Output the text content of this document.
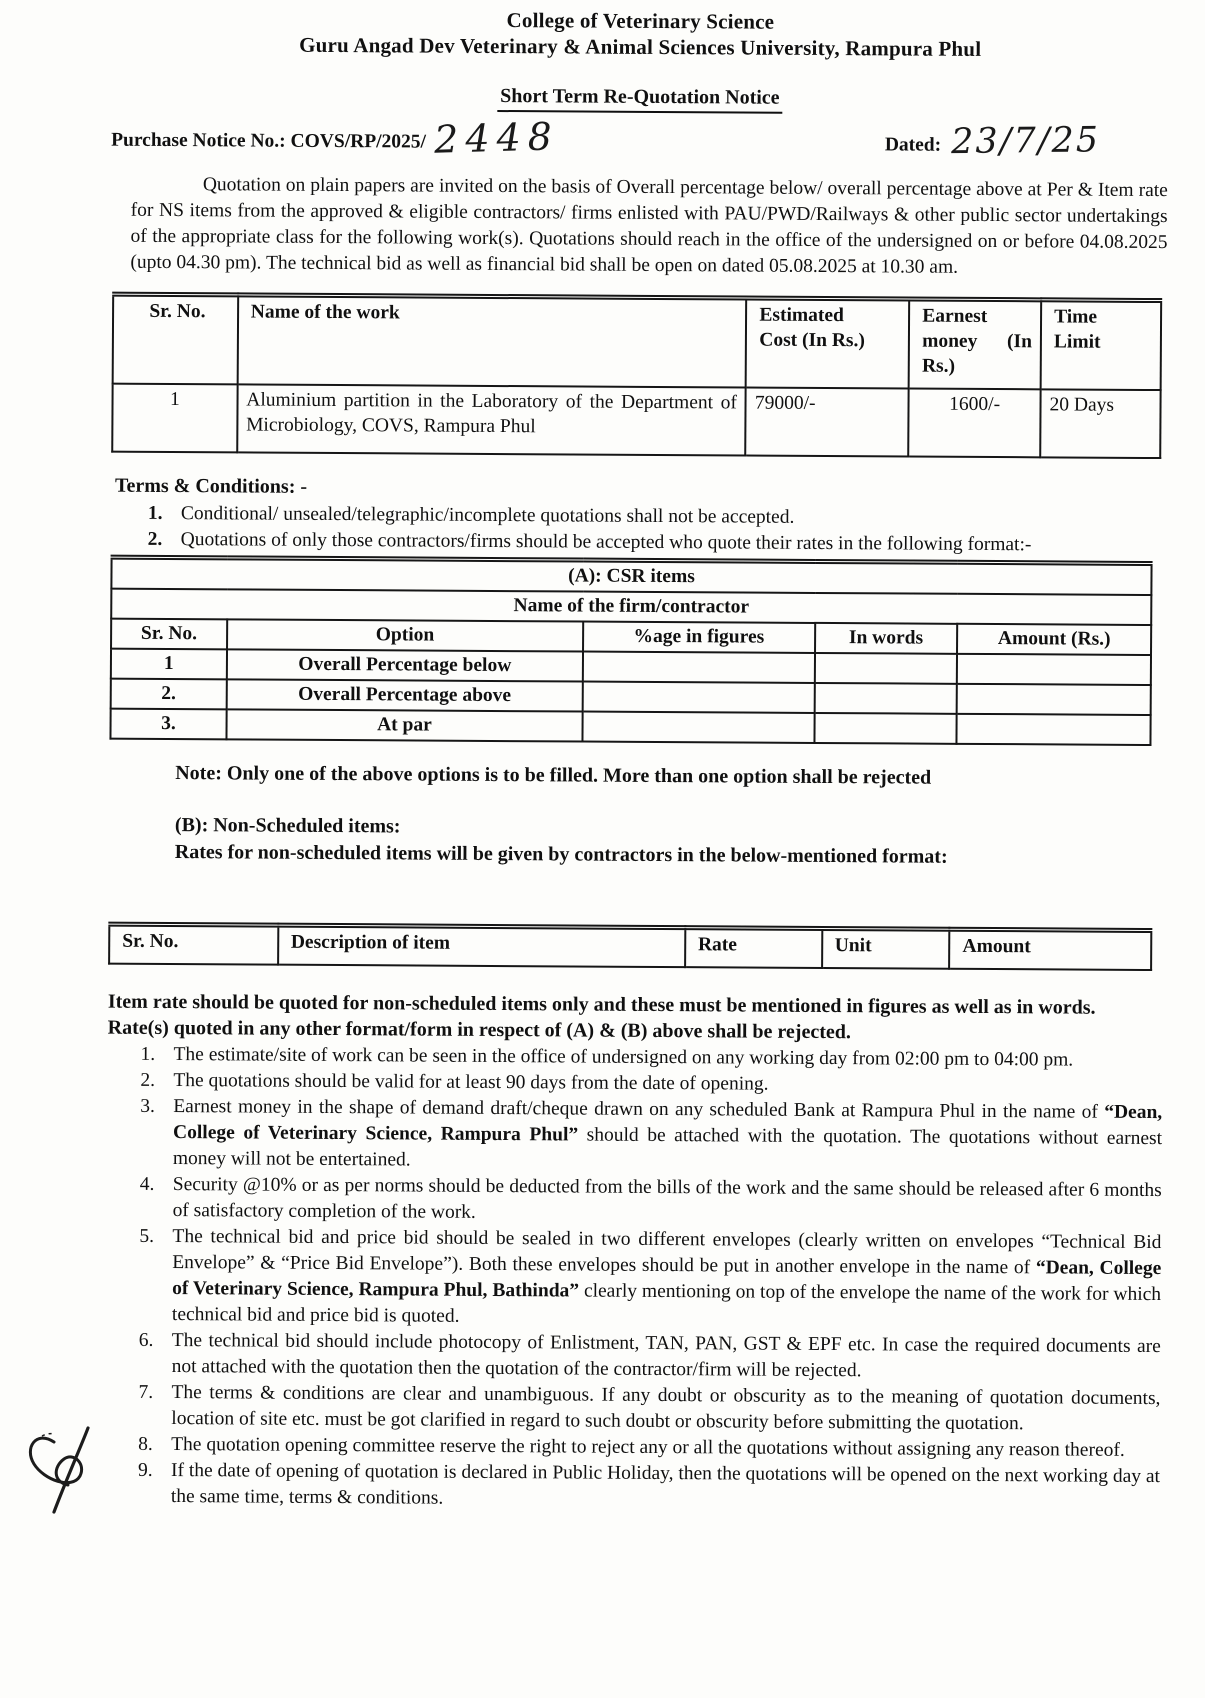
College of Veterinary Science
Guru Angad Dev Veterinary & Animal Sciences University, Rampura Phul
Short Term Re-Quotation Notice
Purchase Notice No.: COVS/RP/2025/ 2448	Dated: 23/7/25

Quotation on plain papers are invited on the basis of Overall percentage below/ overall percentage above at Per & Item rate for NS items from the approved & eligible contractors/ firms enlisted with PAU/PWD/Railways & other public sector undertakings of the appropriate class for the following work(s). Quotations should reach in the office of the undersigned on or before 04.08.2025 (upto 04.30 pm). The technical bid as well as financial bid shall be open on dated 05.08.2025 at 10.30 am.

Sr. No.	Name of the work	Estimated Cost (In Rs.)	Earnest money (In Rs.)	Time Limit
1	Aluminium partition in the Laboratory of the Department of Microbiology, COVS, Rampura Phul	79000/-	1600/-	20 Days
Terms & Conditions: -
Conditional/ unsealed/telegraphic/incomplete quotations shall not be accepted.
Quotations of only those contractors/firms should be accepted who quote their rates in the following format:-
(A): CSR items				
Name of the firm/contractor				
Sr. No.	Option	%age in figures	In words	Amount (Rs.)
1	Overall Percentage below			
2.	Overall Percentage above			
3.	At par			

Note: Only one of the above options is to be filled. More than one option shall be rejected

(B): Non-Scheduled items:
Rates for non-scheduled items will be given by contractors in the below-mentioned format:
Sr. No.	Description of item	Rate	Unit	Amount

Item rate should be quoted for non-scheduled items only and these must be mentioned in figures as well as in words.

Rate(s) quoted in any other format/form in respect of (A) & (B) above shall be rejected.

The estimate/site of work can be seen in the office of undersigned on any working day from 02:00 pm to 04:00 pm.
The quotations should be valid for at least 90 days from the date of opening.
Earnest money in the shape of demand draft/cheque drawn on any scheduled Bank at Rampura Phul in the name of “Dean, College of Veterinary Science, Rampura Phul” should be attached with the quotation. The quotations without earnest money will not be entertained.
Security @10% or as per norms should be deducted from the bills of the work and the same should be released after 6 months of satisfactory completion of the work.
The technical bid and price bid should be sealed in two different envelopes (clearly written on envelopes “Technical Bid Envelope” & “Price Bid Envelope”). Both these envelopes should be put in another envelope in the name of “Dean, College of Veterinary Science, Rampura Phul, Bathinda” clearly mentioning on top of the envelope the name of the work for which technical bid and price bid is quoted.
The technical bid should include photocopy of Enlistment, TAN, PAN, GST & EPF etc. In case the required documents are not attached with the quotation then the quotation of the contractor/firm will be rejected.
The terms & conditions are clear and unambiguous. If any doubt or obscurity as to the meaning of quotation documents, location of site etc. must be got clarified in regard to such doubt or obscurity before submitting the quotation.
The quotation opening committee reserve the right to reject any or all the quotations without assigning any reason thereof.
If the date of opening of quotation is declared in Public Holiday, then the quotations will be opened on the next working day at the same time, terms & conditions.
